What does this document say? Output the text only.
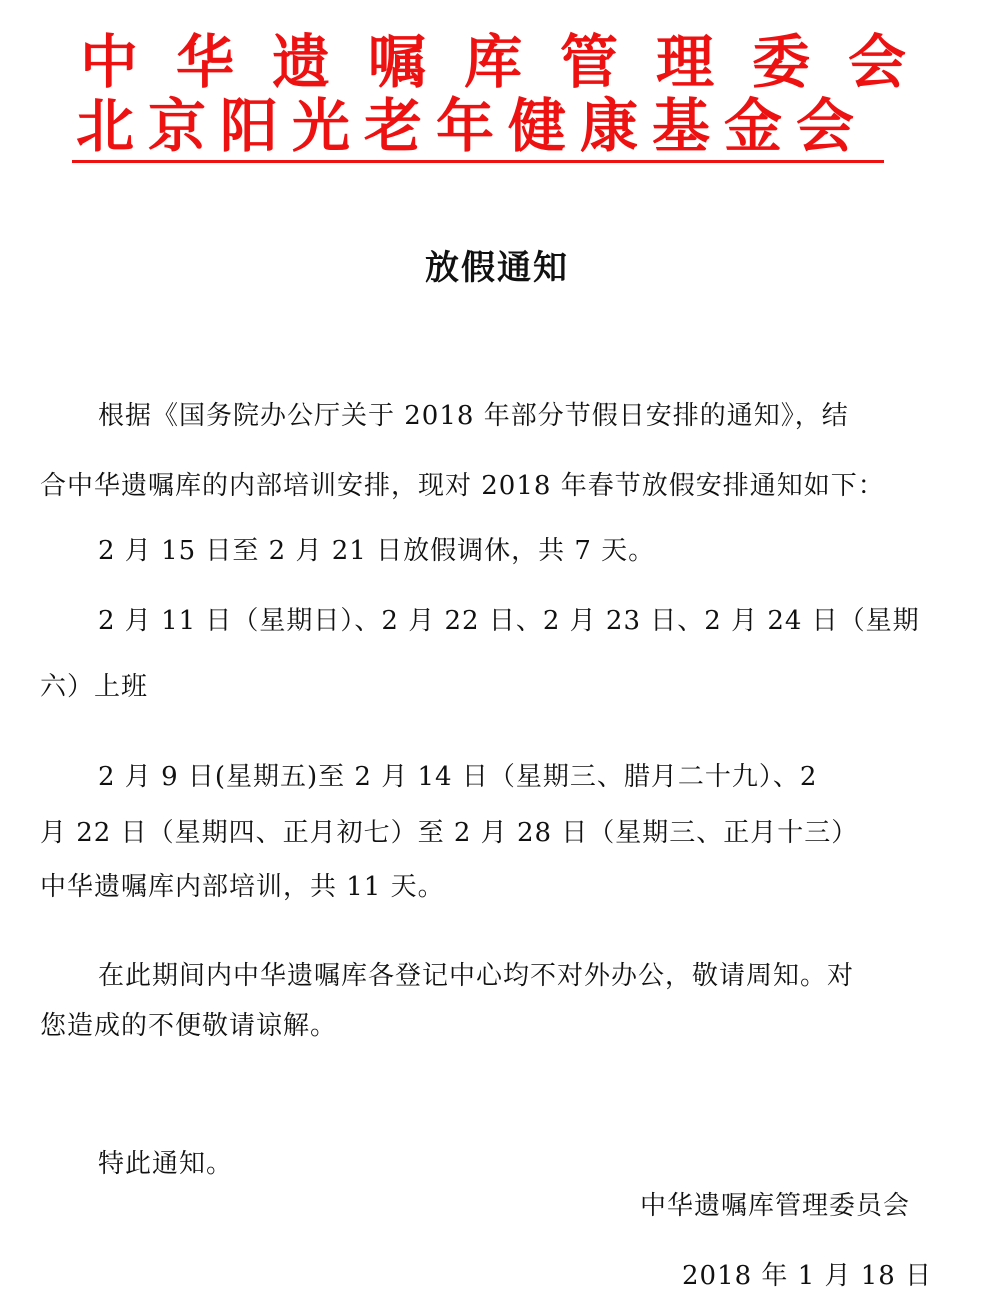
中华遗嘱库管理委会
北京阳光老年健康基金会
放假通知
根据《国务院办公厅关于 2018 年部分节假日安排的通知》，结
合中华遗嘱库的内部培训安排，现对 2018 年春节放假安排通知如下：
2 月 15 日至 2 月 21 日放假调休，共 7 天。
2 月 11 日（星期日）、2 月 22 日、2 月 23 日、2 月 24 日（星期
六）上班
2 月 9 日(星期五)至 2 月 14 日（星期三、腊月二十九）、2
月 22 日（星期四、正月初七）至 2 月 28 日（星期三、正月十三）
中华遗嘱库内部培训，共 11 天。
在此期间内中华遗嘱库各登记中心均不对外办公，敬请周知。对
您造成的不便敬请谅解。
特此通知。
中华遗嘱库管理委员会
2018 年 1 月 18 日
